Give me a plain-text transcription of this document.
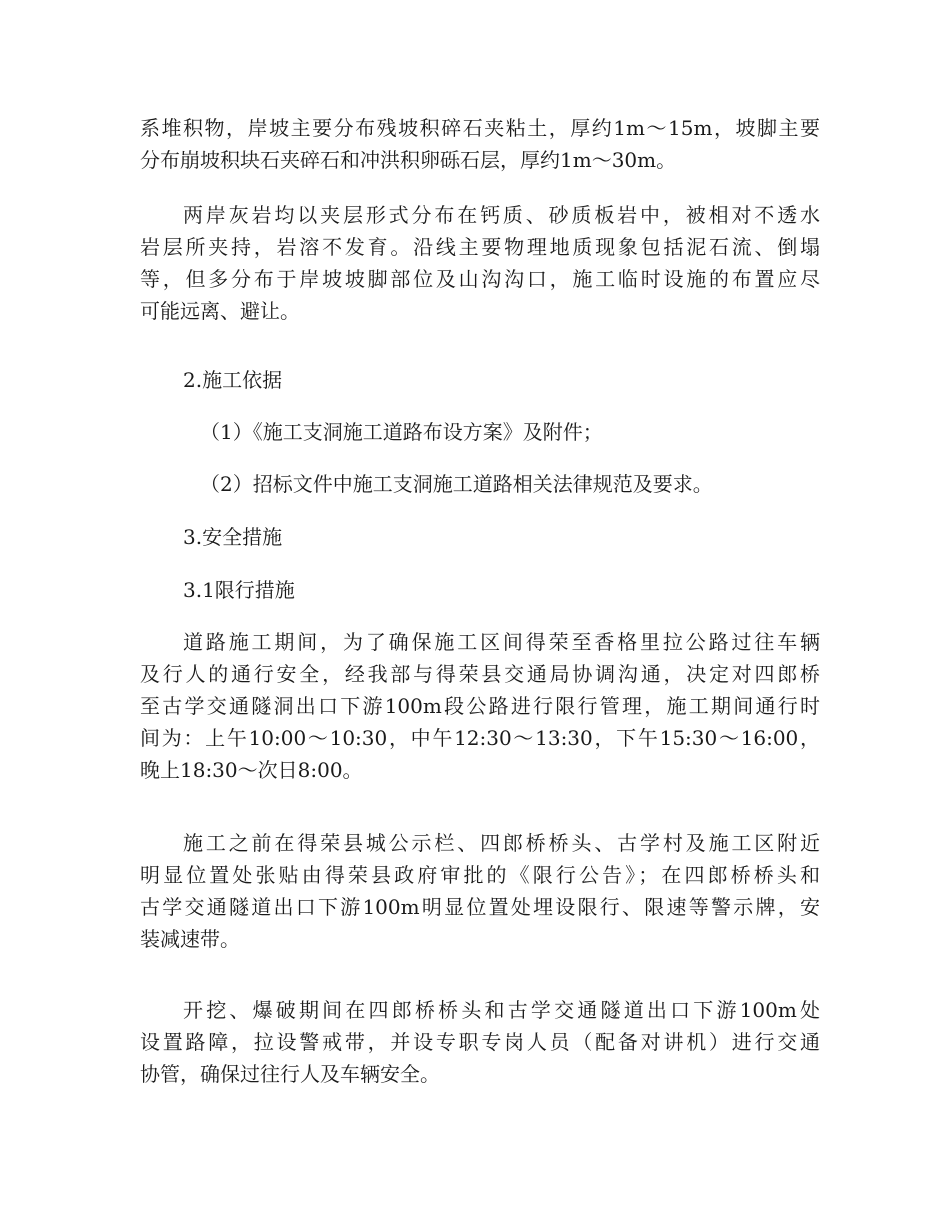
系堆积物，岸坡主要分布残坡积碎石夹粘土，厚约1m～15m，坡脚主要
分布崩坡积块石夹碎石和冲洪积卵砾石层，厚约1m～30m。
两岸灰岩均以夹层形式分布在钙质、砂质板岩中，被相对不透水
岩层所夹持，岩溶不发育。沿线主要物理地质现象包括泥石流、倒塌
等，但多分布于岸坡坡脚部位及山沟沟口，施工临时设施的布置应尽
可能远离、避让。
2.施工依据
（1）《施工支洞施工道路布设方案》及附件；
（2）招标文件中施工支洞施工道路相关法律规范及要求。
3.安全措施
3.1限行措施
道路施工期间，为了确保施工区间得荣至香格里拉公路过往车辆
及行人的通行安全，经我部与得荣县交通局协调沟通，决定对四郎桥
至古学交通隧洞出口下游100m段公路进行限行管理，施工期间通行时
间为：上午10:00～10:30，中午12:30～13:30，下午15:30～16:00，
晚上18:30～次日8:00。
施工之前在得荣县城公示栏、四郎桥桥头、古学村及施工区附近
明显位置处张贴由得荣县政府审批的《限行公告》；在四郎桥桥头和
古学交通隧道出口下游100m明显位置处埋设限行、限速等警示牌，安
装减速带。
开挖、爆破期间在四郎桥桥头和古学交通隧道出口下游100m处
设置路障，拉设警戒带，并设专职专岗人员（配备对讲机）进行交通
协管，确保过往行人及车辆安全。
